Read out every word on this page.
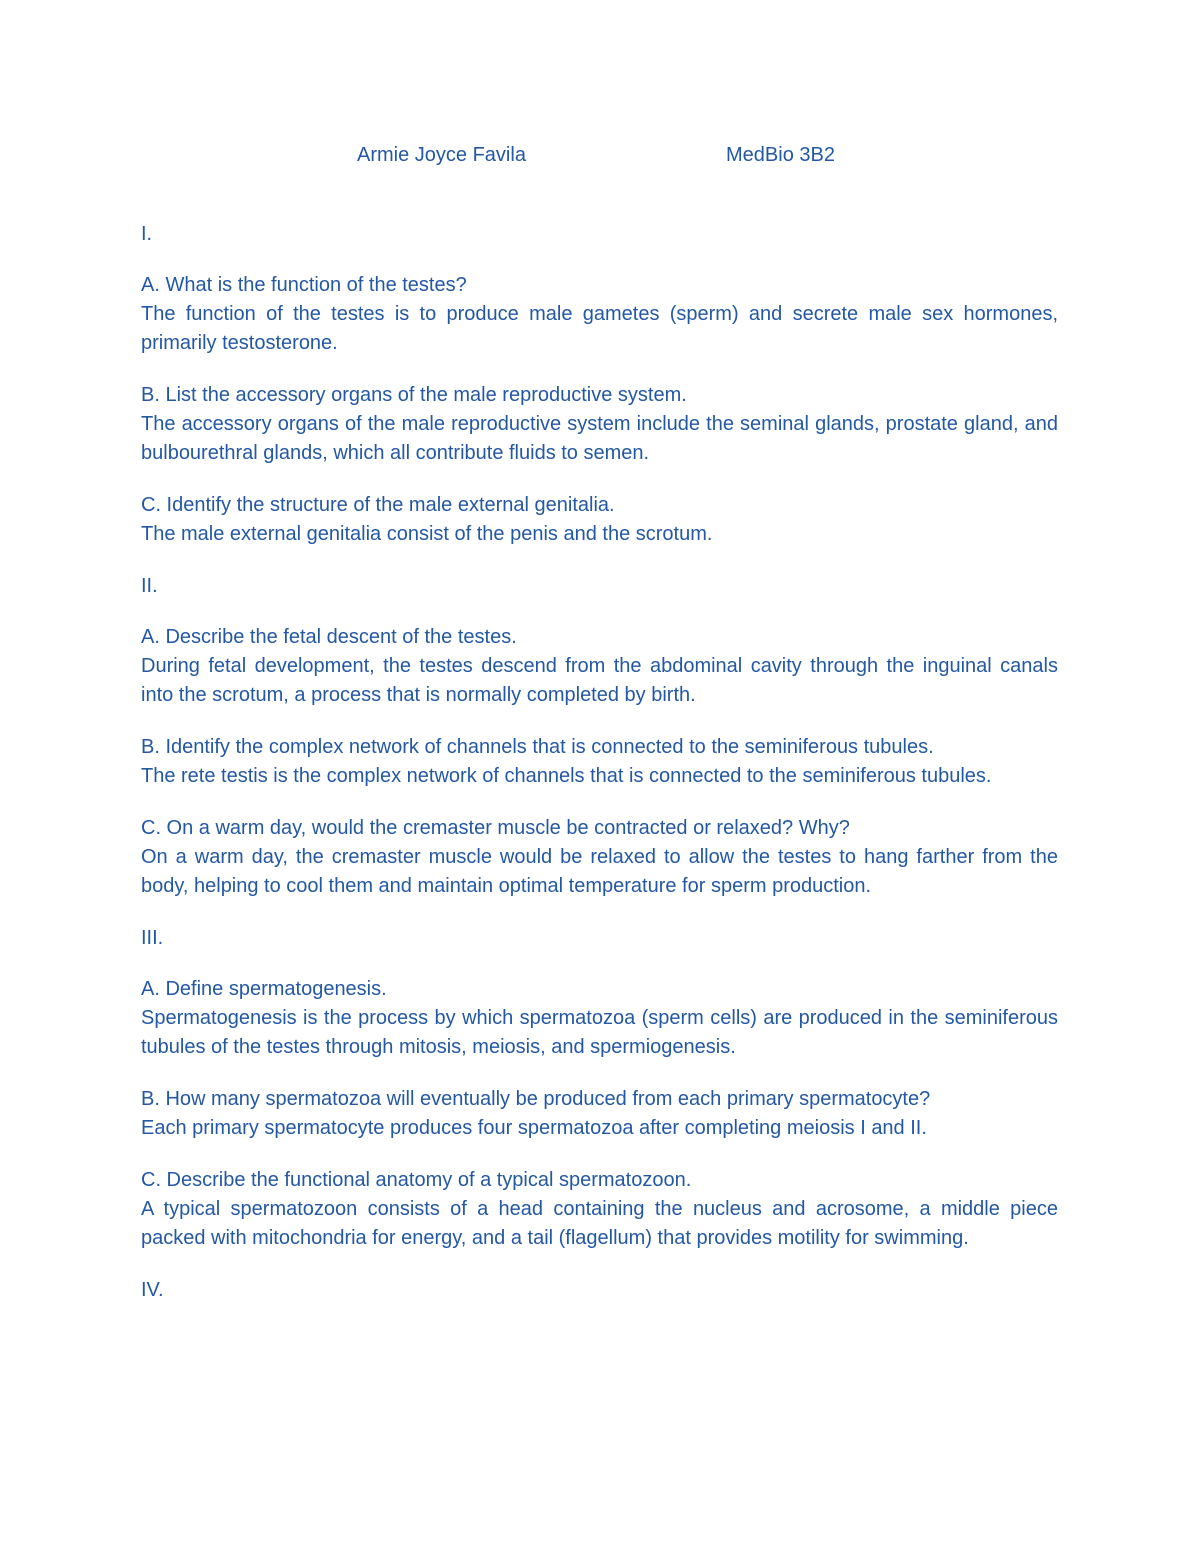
Armie Joyce Favila	MedBio 3B2
I.
A. What is the function of the testes?
The function of the testes is to produce male gametes (sperm) and secrete male sex hormones, primarily testosterone.
B. List the accessory organs of the male reproductive system.
The accessory organs of the male reproductive system include the seminal glands, prostate gland, and bulbourethral glands, which all contribute fluids to semen.
C. Identify the structure of the male external genitalia.
The male external genitalia consist of the penis and the scrotum.
II.
A. Describe the fetal descent of the testes.
During fetal development, the testes descend from the abdominal cavity through the inguinal canals into the scrotum, a process that is normally completed by birth.
B. Identify the complex network of channels that is connected to the seminiferous tubules.
The rete testis is the complex network of channels that is connected to the seminiferous tubules.
C. On a warm day, would the cremaster muscle be contracted or relaxed? Why?
On a warm day, the cremaster muscle would be relaxed to allow the testes to hang farther from the body, helping to cool them and maintain optimal temperature for sperm production.
III.
A. Define spermatogenesis.
Spermatogenesis is the process by which spermatozoa (sperm cells) are produced in the seminiferous tubules of the testes through mitosis, meiosis, and spermiogenesis.
B. How many spermatozoa will eventually be produced from each primary spermatocyte?
Each primary spermatocyte produces four spermatozoa after completing meiosis I and II.
C. Describe the functional anatomy of a typical spermatozoon.
A typical spermatozoon consists of a head containing the nucleus and acrosome, a middle piece packed with mitochondria for energy, and a tail (flagellum) that provides motility for swimming.
IV.
